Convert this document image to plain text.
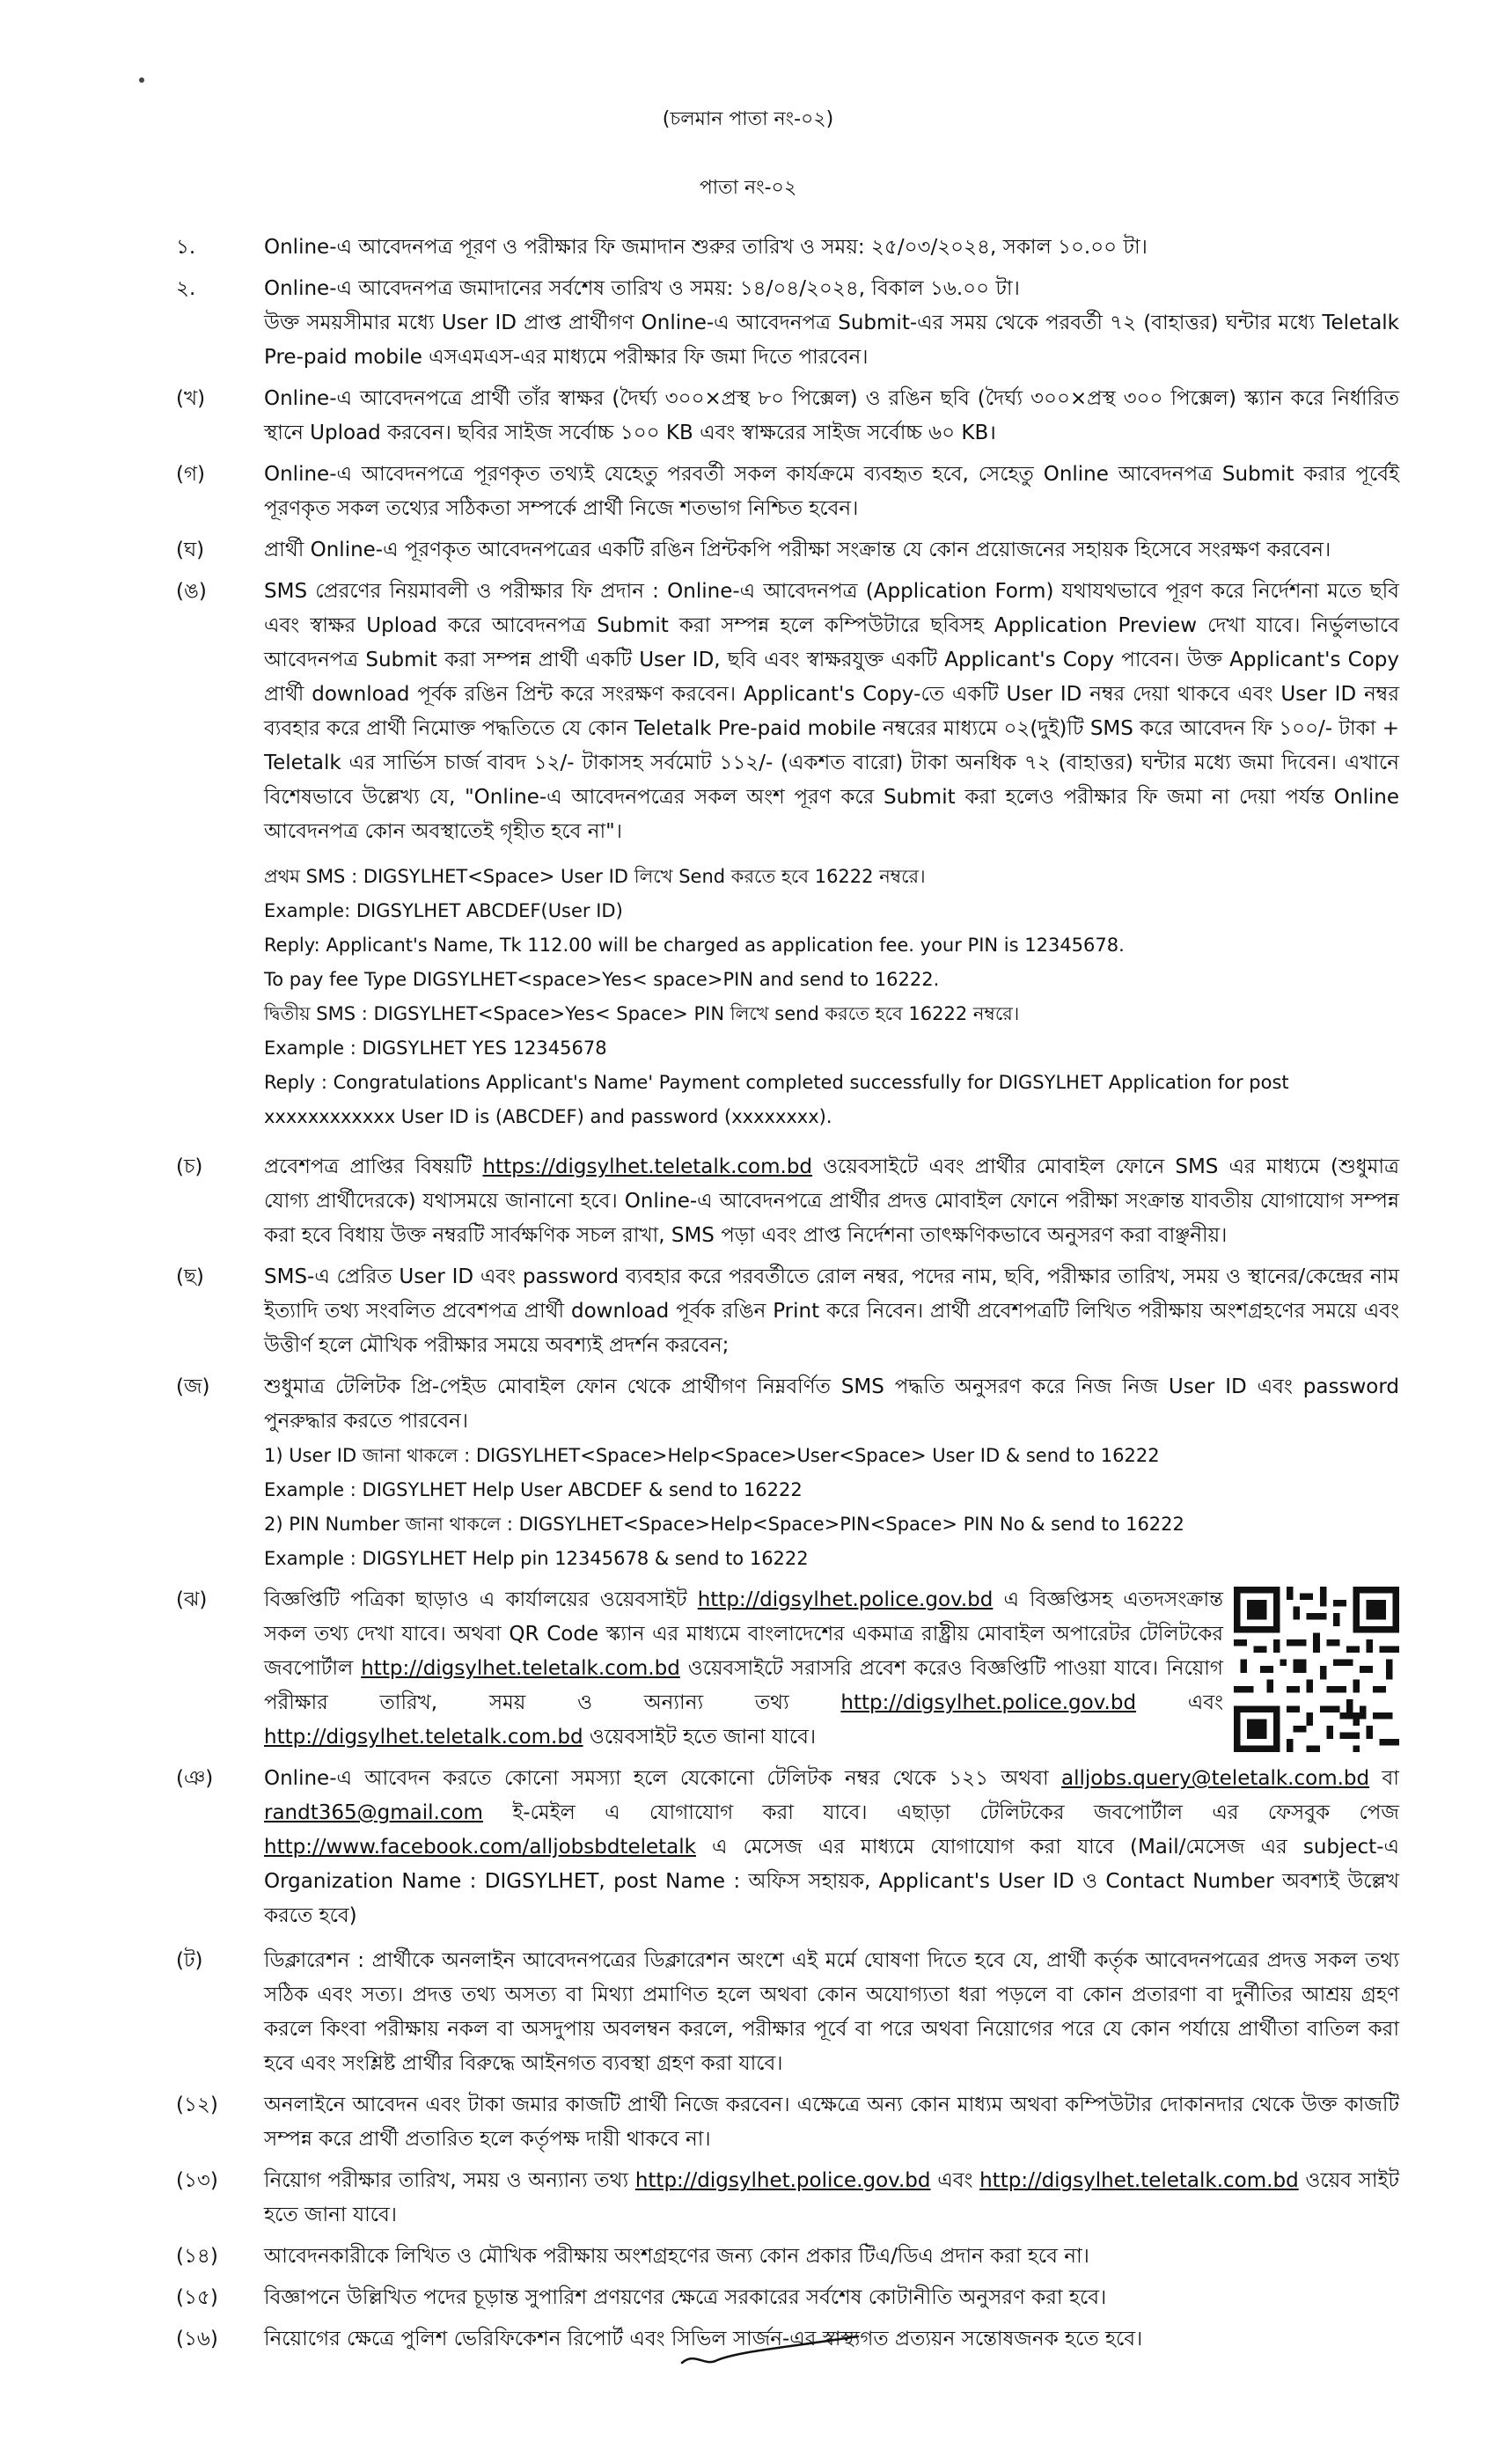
(চলমান পাতা নং-০২)
পাতা নং-০২
১.	Online-এ আবেদনপত্র পূরণ ও পরীক্ষার ফি জমাদান শুরুর তারিখ ও সময়: ২৫/০৩/২০২৪, সকাল ১০.০০ টা।
২.	Online-এ আবেদনপত্র জমাদানের সর্বশেষ তারিখ ও সময়: ১৪/০৪/২০২৪, বিকাল ১৬.০০ টা।
উক্ত সময়সীমার মধ্যে User ID প্রাপ্ত প্রার্থীগণ Online-এ আবেদনপত্র Submit-এর সময় থেকে পরবর্তী ৭২ (বাহাত্তর) ঘন্টার মধ্যে Teletalk Pre-paid mobile এসএমএস-এর মাধ্যমে পরীক্ষার ফি জমা দিতে পারবেন।
(খ)	Online-এ আবেদনপত্রে প্রার্থী তাঁর স্বাক্ষর (দৈর্ঘ্য ৩০০×প্রস্থ ৮০ পিক্সেল) ও রঙিন ছবি (দৈর্ঘ্য ৩০০×প্রস্থ ৩০০ পিক্সেল) স্ক্যান করে নির্ধারিত স্থানে Upload করবেন। ছবির সাইজ সর্বোচ্চ ১০০ KB এবং স্বাক্ষরের সাইজ সর্বোচ্চ ৬০ KB।
(গ)	Online-এ আবেদনপত্রে পূরণকৃত তথ্যই যেহেতু পরবর্তী সকল কার্যক্রমে ব্যবহৃত হবে, সেহেতু Online আবেদনপত্র Submit করার পূর্বেই পূরণকৃত সকল তথ্যের সঠিকতা সম্পর্কে প্রার্থী নিজে শতভাগ নিশ্চিত হবেন।
(ঘ)	প্রার্থী Online-এ পূরণকৃত আবেদনপত্রের একটি রঙিন প্রিন্টকপি পরীক্ষা সংক্রান্ত যে কোন প্রয়োজনের সহায়ক হিসেবে সংরক্ষণ করবেন।
(ঙ)	SMS প্রেরণের নিয়মাবলী ও পরীক্ষার ফি প্রদান : Online-এ আবেদনপত্র (Application Form) যথাযথভাবে পূরণ করে নির্দেশনা মতে ছবি এবং স্বাক্ষর Upload করে আবেদনপত্র Submit করা সম্পন্ন হলে কম্পিউটারে ছবিসহ Application Preview দেখা যাবে। নির্ভুলভাবে আবেদনপত্র Submit করা সম্পন্ন প্রার্থী একটি User ID, ছবি এবং স্বাক্ষরযুক্ত একটি Applicant's Copy পাবেন। উক্ত Applicant's Copy প্রার্থী download পূর্বক রঙিন প্রিন্ট করে সংরক্ষণ করবেন। Applicant's Copy-তে একটি User ID নম্বর দেয়া থাকবে এবং User ID নম্বর ব্যবহার করে প্রার্থী নিমোক্ত পদ্ধতিতে যে কোন Teletalk Pre-paid mobile নম্বরের মাধ্যমে ০২(দুই)টি SMS করে আবেদন ফি ১০০/- টাকা + Teletalk এর সার্ভিস চার্জ বাবদ ১২/- টাকাসহ সর্বমোট ১১২/- (একশত বারো) টাকা অনধিক ৭২ (বাহাত্তর) ঘন্টার মধ্যে জমা দিবেন। এখানে বিশেষভাবে উল্লেখ্য যে, "Online-এ আবেদনপত্রের সকল অংশ পূরণ করে Submit করা হলেও পরীক্ষার ফি জমা না দেয়া পর্যন্ত Online আবেদনপত্র কোন অবস্থাতেই গৃহীত হবে না"।

প্রথম SMS : DIGSYLHET<Space> User ID লিখে Send করতে হবে 16222 নম্বরে।

Example: DIGSYLHET ABCDEF(User ID)

Reply: Applicant's Name, Tk 112.00 will be charged as application fee. your PIN is 12345678.

To pay fee Type DIGSYLHET<space>Yes< space>PIN and send to 16222.

দ্বিতীয় SMS : DIGSYLHET<Space>Yes< Space> PIN লিখে send করতে হবে 16222 নম্বরে।

Example : DIGSYLHET YES 12345678

Reply : Congratulations Applicant's Name' Payment completed successfully for DIGSYLHET Application for post xxxxxxxxxxxx User ID is (ABCDEF) and password (xxxxxxxx).

(চ)	প্রবেশপত্র প্রাপ্তির বিষয়টি https://digsylhet.teletalk.com.bd ওয়েবসাইটে এবং প্রার্থীর মোবাইল ফোনে SMS এর মাধ্যমে (শুধুমাত্র যোগ্য প্রার্থীদেরকে) যথাসময়ে জানানো হবে। Online-এ আবেদনপত্রে প্রার্থীর প্রদত্ত মোবাইল ফোনে পরীক্ষা সংক্রান্ত যাবতীয় যোগাযোগ সম্পন্ন করা হবে বিধায় উক্ত নম্বরটি সার্বক্ষণিক সচল রাখা, SMS পড়া এবং প্রাপ্ত নির্দেশনা তাৎক্ষণিকভাবে অনুসরণ করা বাঞ্ছনীয়।
(ছ)	SMS-এ প্রেরিত User ID এবং password ব্যবহার করে পরবর্তীতে রোল নম্বর, পদের নাম, ছবি, পরীক্ষার তারিখ, সময় ও স্থানের/কেন্দ্রের নাম ইত্যাদি তথ্য সংবলিত প্রবেশপত্র প্রার্থী download পূর্বক রঙিন Print করে নিবেন। প্রার্থী প্রবেশপত্রটি লিখিত পরীক্ষায় অংশগ্রহণের সময়ে এবং উত্তীর্ণ হলে মৌখিক পরীক্ষার সময়ে অবশ্যই প্রদর্শন করবেন;
(জ)	শুধুমাত্র টেলিটক প্রি-পেইড মোবাইল ফোন থেকে প্রার্থীগণ নিম্নবর্ণিত SMS পদ্ধতি অনুসরণ করে নিজ নিজ User ID এবং password পুনরুদ্ধার করতে পারবেন।
1) User ID জানা থাকলে : DIGSYLHET<Space>Help<Space>User<Space> User ID & send to 16222
Example : DIGSYLHET Help User ABCDEF & send to 16222
2) PIN Number জানা থাকলে : DIGSYLHET<Space>Help<Space>PIN<Space> PIN No & send to 16222
Example : DIGSYLHET Help pin 12345678 & send to 16222
(ঝ)	বিজ্ঞপ্তিটি পত্রিকা ছাড়াও এ কার্যালয়ের ওয়েবসাইট http://digsylhet.police.gov.bd এ বিজ্ঞপ্তিসহ এতদসংক্রান্ত সকল তথ্য দেখা যাবে। অথবা QR Code স্ক্যান এর মাধ্যমে বাংলাদেশের একমাত্র রাষ্ট্রীয় মোবাইল অপারেটর টেলিটকের জবপোর্টাল http://digsylhet.teletalk.com.bd ওয়েবসাইটে সরাসরি প্রবেশ করেও বিজ্ঞপ্তিটি পাওয়া যাবে। নিয়োগ পরীক্ষার তারিখ, সময় ও অন্যান্য তথ্য http://digsylhet.police.gov.bd এবং http://digsylhet.teletalk.com.bd ওয়েবসাইট হতে জানা যাবে।
(ঞ)	Online-এ আবেদন করতে কোনো সমস্যা হলে যেকোনো টেলিটক নম্বর থেকে ১২১ অথবা alljobs.query@teletalk.com.bd বা randt365@gmail.com ই-মেইল এ যোগাযোগ করা যাবে। এছাড়া টেলিটকের জবপোর্টাল এর ফেসবুক পেজ http://www.facebook.com/alljobsbdteletalk এ মেসেজ এর মাধ্যমে যোগাযোগ করা যাবে (Mail/মেসেজ এর subject-এ Organization Name : DIGSYLHET, post Name : অফিস সহায়ক, Applicant's User ID ও Contact Number অবশ্যই উল্লেখ করতে হবে)
(ট)	ডিক্লারেশন : প্রার্থীকে অনলাইন আবেদনপত্রের ডিক্লারেশন অংশে এই মর্মে ঘোষণা দিতে হবে যে, প্রার্থী কর্তৃক আবেদনপত্রের প্রদত্ত সকল তথ্য সঠিক এবং সত্য। প্রদত্ত তথ্য অসত্য বা মিথ্যা প্রমাণিত হলে অথবা কোন অযোগ্যতা ধরা পড়লে বা কোন প্রতারণা বা দুর্নীতির আশ্রয় গ্রহণ করলে কিংবা পরীক্ষায় নকল বা অসদুপায় অবলম্বন করলে, পরীক্ষার পূর্বে বা পরে অথবা নিয়োগের পরে যে কোন পর্যায়ে প্রার্থীতা বাতিল করা হবে এবং সংশ্লিষ্ট প্রার্থীর বিরুদ্ধে আইনগত ব্যবস্থা গ্রহণ করা যাবে।
(১২)	অনলাইনে আবেদন এবং টাকা জমার কাজটি প্রার্থী নিজে করবেন। এক্ষেত্রে অন্য কোন মাধ্যম অথবা কম্পিউটার দোকানদার থেকে উক্ত কাজটি সম্পন্ন করে প্রার্থী প্রতারিত হলে কর্তৃপক্ষ দায়ী থাকবে না।
(১৩)	নিয়োগ পরীক্ষার তারিখ, সময় ও অন্যান্য তথ্য http://digsylhet.police.gov.bd এবং http://digsylhet.teletalk.com.bd ওয়েব সাইট হতে জানা যাবে।
(১৪)	আবেদনকারীকে লিখিত ও মৌখিক পরীক্ষায় অংশগ্রহণের জন্য কোন প্রকার টিএ/ডিএ প্রদান করা হবে না।
(১৫)	বিজ্ঞাপনে উল্লিখিত পদের চূড়ান্ত সুপারিশ প্রণয়ণের ক্ষেত্রে সরকারের সর্বশেষ কোটানীতি অনুসরণ করা হবে।
(১৬)	নিয়োগের ক্ষেত্রে পুলিশ ভেরিফিকেশন রিপোর্ট এবং সিভিল সার্জন-এর স্বাস্থ্যগত প্রত্যয়ন সন্তোষজনক হতে হবে।
